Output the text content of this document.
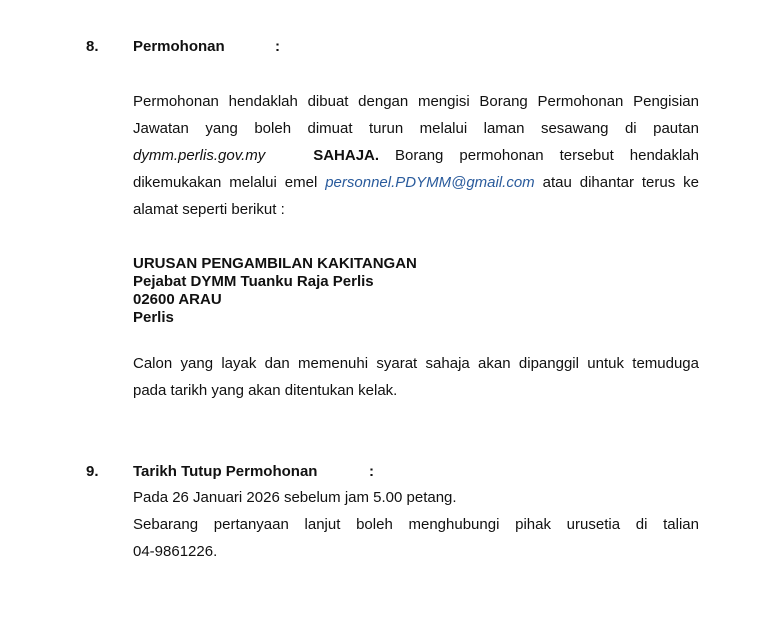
8. Permohonan	:
Permohonan hendaklah dibuat dengan mengisi Borang Permohonan Pengisian
Jawatan yang boleh dimuat turun melalui laman sesawang di pautan
dymm.perlis.gov.my	SAHAJA. Borang permohonan tersebut hendaklah
dikemukakan melalui emel personnel.PDYMM@gmail.com atau dihantar terus ke
alamat seperti berikut :
URUSAN PENGAMBILAN KAKITANGAN
Pejabat DYMM Tuanku Raja Perlis
02600 ARAU
Perlis
Calon yang layak dan memenuhi syarat sahaja akan dipanggil untuk temuduga
pada tarikh yang akan ditentukan kelak.
9. Tarikh Tutup Permohonan	:
Pada 26 Januari 2026 sebelum jam 5.00 petang.
Sebarang pertanyaan lanjut boleh menghubungi pihak urusetia di talian
04-9861226.
